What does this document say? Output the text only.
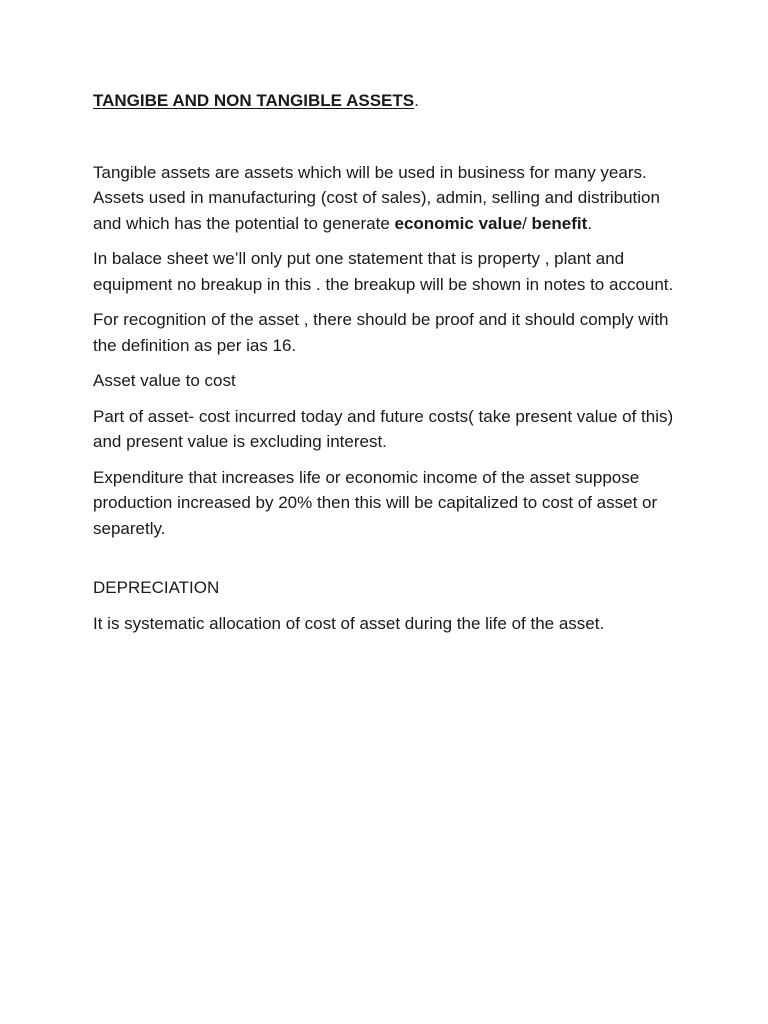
TANGIBE AND NON TANGIBLE ASSETS.

Tangible assets are assets which will be used in business for many years. Assets used in manufacturing (cost of sales), admin, selling and distribution and which has the potential to generate economic value/ benefit.

In balace sheet we’ll only put one statement that is property , plant and equipment no breakup in this . the breakup will be shown in notes to account.

For recognition of the asset , there should be proof and it should comply with the definition as per ias 16.

Asset value to cost

Part of asset- cost incurred today and future costs( take present value of this) and present value is excluding interest.

Expenditure that increases life or economic income of the asset suppose production increased by 20% then this will be capitalized to cost of asset or separetly.

DEPRECIATION

It is systematic allocation of cost of asset during the life of the asset.
